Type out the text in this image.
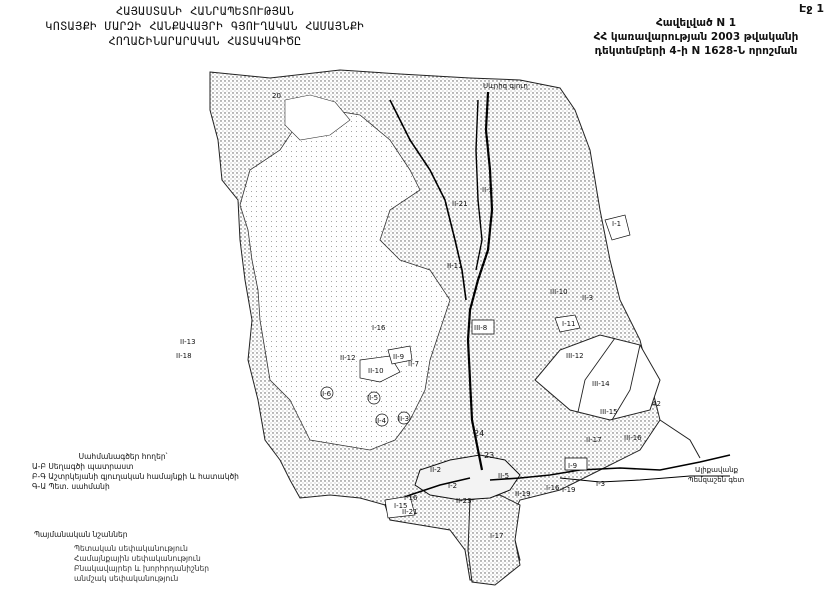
ՀԱՅԱՍՏԱՆԻ ՀԱՆՐԱՊԵՏՈՒԹՅԱՆ
ԿՈՏԱՅՔԻ ՄԱՐԶԻ ՀԱՆՔԱՎԱՅՐԻ ԳՅՈՒՂԱԿԱՆ ՀԱՄԱՅՆՔԻ
ՀՈՂԱՇԻՆԱՐԱՐԱԿԱՆ ՀԱՏԱԿԱԳԻԾԸ
Էջ 1
Հավելված N 1
ՀՀ կառավարության 2003 թվականի
դեկտեմբերի 4-ի N 1628-Ն որոշման
Սևրիզ գյուղ
Ալիքավանք
Պեմզաշեն գետ
20
II-21
II-3
I-1
II-11
III-10
II-3
I-16	III-8	I-11
II-13
II-18	II-12	II-9
II-7
II-10
III-12
III-14
II-6	II-5
II-4 II-3
III-15
42
II-17	III-16
24
23
II-2	I-9
I-16
I-15
II-21
II-23
I-17
I-16 I-19
II-19
I-2	I-3
II-5
Սահմանագծեր հողեր՝
Ա-Բ Սեղագծի պատրաստ
Բ-Գ Աշտրկեյանի գյուղական համայնքի և հատակծի
Գ-Ա Պետ. սահմանի
Պայմանական նշաններ
Պետական սեփականություն
Համայնքային սեփականություն
Բնակավայրեր և խորհրդանիշներ
անմշակ սեփականություն
